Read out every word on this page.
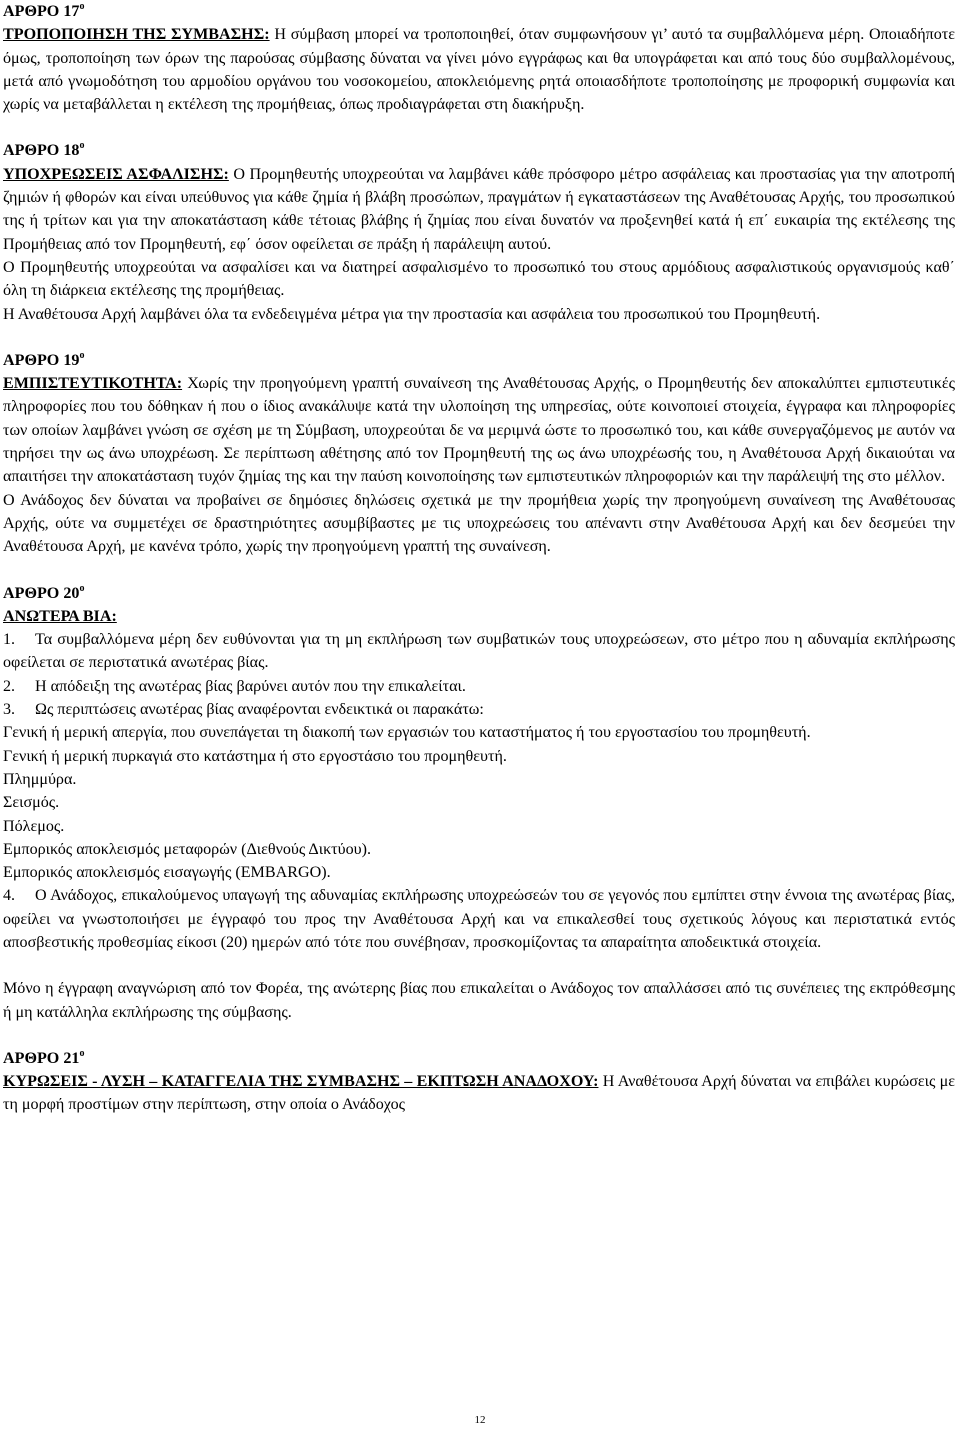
ΑΡΘΡΟ $17^o$

ΤΡΟΠΟΠΟΙΗΣΗ ΤΗΣ ΣΥΜΒΑΣΗΣ: Η σύμβαση μπορεί να τροποποιηθεί, όταν συμφωνήσουν γι’ αυτό τα συμβαλλόμενα μέρη. Οποιαδήποτε όμως, τροποποίηση των όρων της παρούσας σύμβασης δύναται να γίνει μόνο εγγράφως και θα υπογράφεται και από τους δύο συμβαλλομένους, μετά από γνωμοδότηση του αρμοδίου οργάνου του νοσοκομείου, αποκλειόμενης ρητά οποιασδήποτε τροποποίησης με προφορική συμφωνία και χωρίς να μεταβάλλεται η εκτέλεση της προμήθειας, όπως προδιαγράφεται στη διακήρυξη.

ΑΡΘΡΟ $18^o$

ΥΠΟΧΡΕΩΣΕΙΣ ΑΣΦΑΛΙΣΗΣ: Ο Προμηθευτής υποχρεούται να λαμβάνει κάθε πρόσφορο μέτρο ασφάλειας και προστασίας για την αποτροπή ζημιών ή φθορών και είναι υπεύθυνος για κάθε ζημία ή βλάβη προσώπων, πραγμάτων ή εγκαταστάσεων της Αναθέτουσας Αρχής, του προσωπικού της ή τρίτων και για την αποκατάσταση κάθε τέτοιας βλάβης ή ζημίας που είναι δυνατόν να προξενηθεί κατά ή επ΄ ευκαιρία της εκτέλεσης της Προμήθειας από τον Προμηθευτή, εφ΄ όσον οφείλεται σε πράξη ή παράλειψη αυτού.

Ο Προμηθευτής υποχρεούται να ασφαλίσει και να διατηρεί ασφαλισμένο το προσωπικό του στους αρμόδιους ασφαλιστικούς οργανισμούς καθ΄ όλη τη διάρκεια εκτέλεσης της προμήθειας.

Η Αναθέτουσα Αρχή λαμβάνει όλα τα ενδεδειγμένα μέτρα για την προστασία και ασφάλεια του προσωπικού του Προμηθευτή.

ΑΡΘΡΟ $19^o$

ΕΜΠΙΣΤΕΥΤΙΚΟΤΗΤΑ: Χωρίς την προηγούμενη γραπτή συναίνεση της Αναθέτουσας Αρχής, ο Προμηθευτής δεν αποκαλύπτει εμπιστευτικές πληροφορίες που του δόθηκαν ή που ο ίδιος ανακάλυψε κατά την υλοποίηση της υπηρεσίας, ούτε κοινοποιεί στοιχεία, έγγραφα και πληροφορίες των οποίων λαμβάνει γνώση σε σχέση με τη Σύμβαση, υποχρεούται δε να μεριμνά ώστε το προσωπικό του, και κάθε συνεργαζόμενος με αυτόν να τηρήσει την ως άνω υποχρέωση. Σε περίπτωση αθέτησης από τον Προμηθευτή της ως άνω υποχρέωσής του, η Αναθέτουσα Αρχή δικαιούται να απαιτήσει την αποκατάσταση τυχόν ζημίας της και την παύση κοινοποίησης των εμπιστευτικών πληροφοριών και την παράλειψή της στο μέλλον.

Ο Ανάδοχος δεν δύναται να προβαίνει σε δημόσιες δηλώσεις σχετικά με την προμήθεια χωρίς την προηγούμενη συναίνεση της Αναθέτουσας Αρχής, ούτε να συμμετέχει σε δραστηριότητες ασυμβίβαστες με τις υποχρεώσεις του απέναντι στην Αναθέτουσα Αρχή και δεν δεσμεύει την Αναθέτουσα Αρχή, με κανένα τρόπο, χωρίς την προηγούμενη γραπτή της συναίνεση.

ΑΡΘΡΟ $20^o$

ΑΝΩΤΕΡΑ ΒΙΑ:

1. Τα συμβαλλόμενα μέρη δεν ευθύνονται για τη μη εκπλήρωση των συμβατικών τους υποχρεώσεων, στο μέτρο που η αδυναμία εκπλήρωσης οφείλεται σε περιστατικά ανωτέρας βίας.

2. Η απόδειξη της ανωτέρας βίας βαρύνει αυτόν που την επικαλείται.

3. Ως περιπτώσεις ανωτέρας βίας αναφέρονται ενδεικτικά οι παρακάτω:

Γενική ή μερική απεργία, που συνεπάγεται τη διακοπή των εργασιών του καταστήματος ή του εργοστασίου του προμηθευτή.

Γενική ή μερική πυρκαγιά στο κατάστημα ή στο εργοστάσιο του προμηθευτή.

Πλημμύρα.

Σεισμός.

Πόλεμος.

Εμπορικός αποκλεισμός μεταφορών (Διεθνούς Δικτύου).

Εμπορικός αποκλεισμός εισαγωγής (EMBARGO).

4. Ο Ανάδοχος, επικαλούμενος υπαγωγή της αδυναμίας εκπλήρωσης υποχρεώσεών του σε γεγονός που εμπίπτει στην έννοια της ανωτέρας βίας, οφείλει να γνωστοποιήσει με έγγραφό του προς την Αναθέτουσα Αρχή και να επικαλεσθεί τους σχετικούς λόγους και περιστατικά εντός αποσβεστικής προθεσμίας είκοσι (20) ημερών από τότε που συνέβησαν, προσκομίζοντας τα απαραίτητα αποδεικτικά στοιχεία.

Μόνο η έγγραφη αναγνώριση από τον Φορέα, της ανώτερης βίας που επικαλείται ο Ανάδοχος τον απαλλάσσει από τις συνέπειες της εκπρόθεσμης ή μη κατάλληλα εκπλήρωσης της σύμβασης.

ΑΡΘΡΟ $21^o$

ΚΥΡΩΣΕΙΣ - ΛΥΣΗ – ΚΑΤΑΓΓΕΛΙΑ ΤΗΣ ΣΥΜΒΑΣΗΣ – ΕΚΠΤΩΣΗ ΑΝΑΔΟΧΟΥ: Η Αναθέτουσα Αρχή δύναται να επιβάλει κυρώσεις με τη μορφή προστίμων στην περίπτωση, στην οποία ο Ανάδοχος

12
